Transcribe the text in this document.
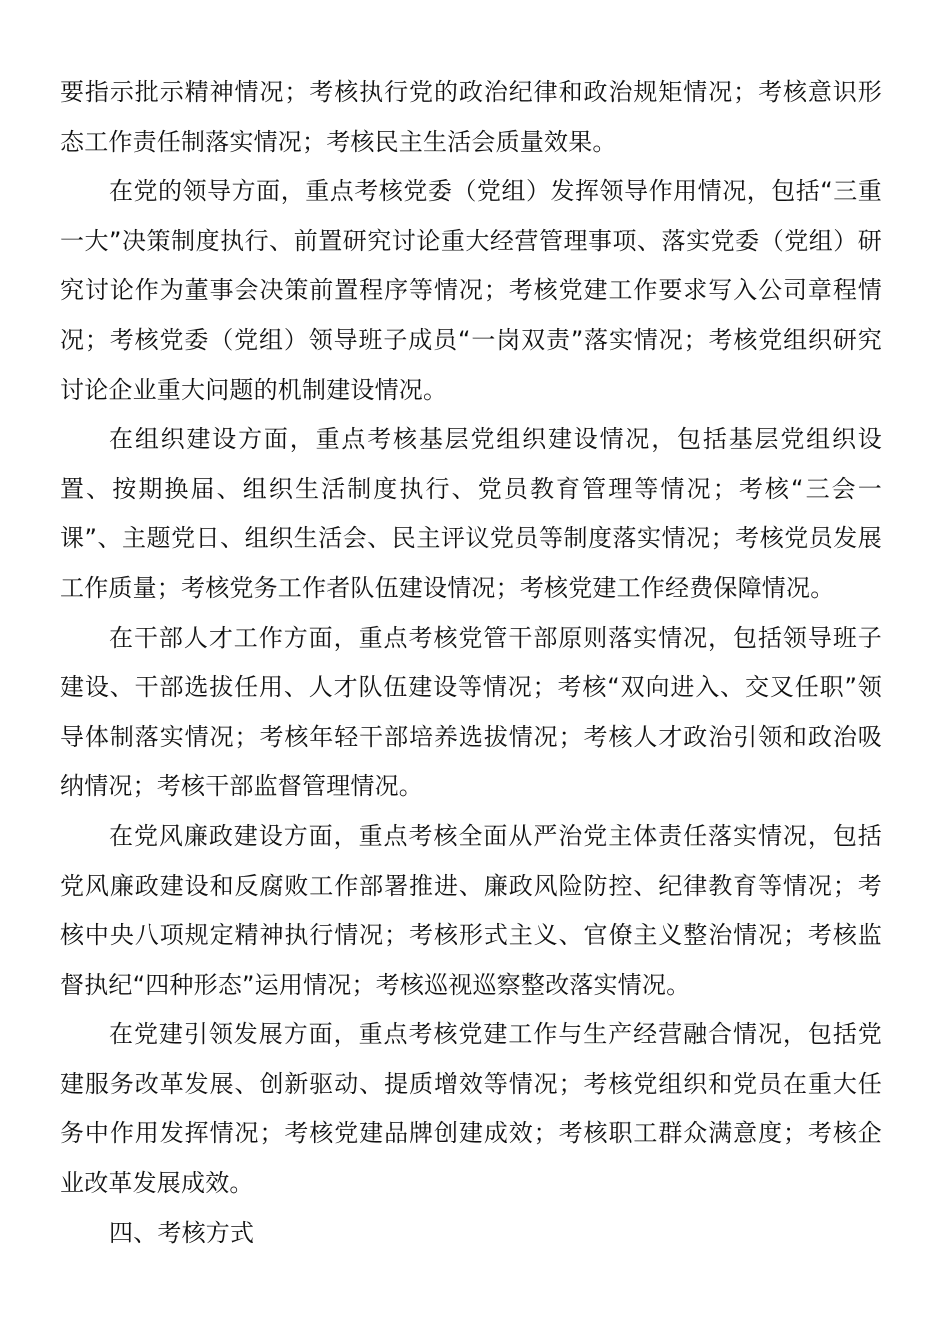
要指示批示精神情况；考核执行党的政治纪律和政治规矩情况；考核意识形态工作责任制落实情况；考核民主生活会质量效果。

在党的领导方面，重点考核党委（党组）发挥领导作用情况，包括“三重一大”决策制度执行、前置研究讨论重大经营管理事项、落实党委（党组）研究讨论作为董事会决策前置程序等情况；考核党建工作要求写入公司章程情况；考核党委（党组）领导班子成员“一岗双责”落实情况；考核党组织研究讨论企业重大问题的机制建设情况。

在组织建设方面，重点考核基层党组织建设情况，包括基层党组织设置、按期换届、组织生活制度执行、党员教育管理等情况；考核“三会一课”、主题党日、组织生活会、民主评议党员等制度落实情况；考核党员发展工作质量；考核党务工作者队伍建设情况；考核党建工作经费保障情况。

在干部人才工作方面，重点考核党管干部原则落实情况，包括领导班子建设、干部选拔任用、人才队伍建设等情况；考核“双向进入、交叉任职”领导体制落实情况；考核年轻干部培养选拔情况；考核人才政治引领和政治吸纳情况；考核干部监督管理情况。

在党风廉政建设方面，重点考核全面从严治党主体责任落实情况，包括党风廉政建设和反腐败工作部署推进、廉政风险防控、纪律教育等情况；考核中央八项规定精神执行情况；考核形式主义、官僚主义整治情况；考核监督执纪“四种形态”运用情况；考核巡视巡察整改落实情况。

在党建引领发展方面，重点考核党建工作与生产经营融合情况，包括党建服务改革发展、创新驱动、提质增效等情况；考核党组织和党员在重大任务中作用发挥情况；考核党建品牌创建成效；考核职工群众满意度；考核企业改革发展成效。

四、考核方式
